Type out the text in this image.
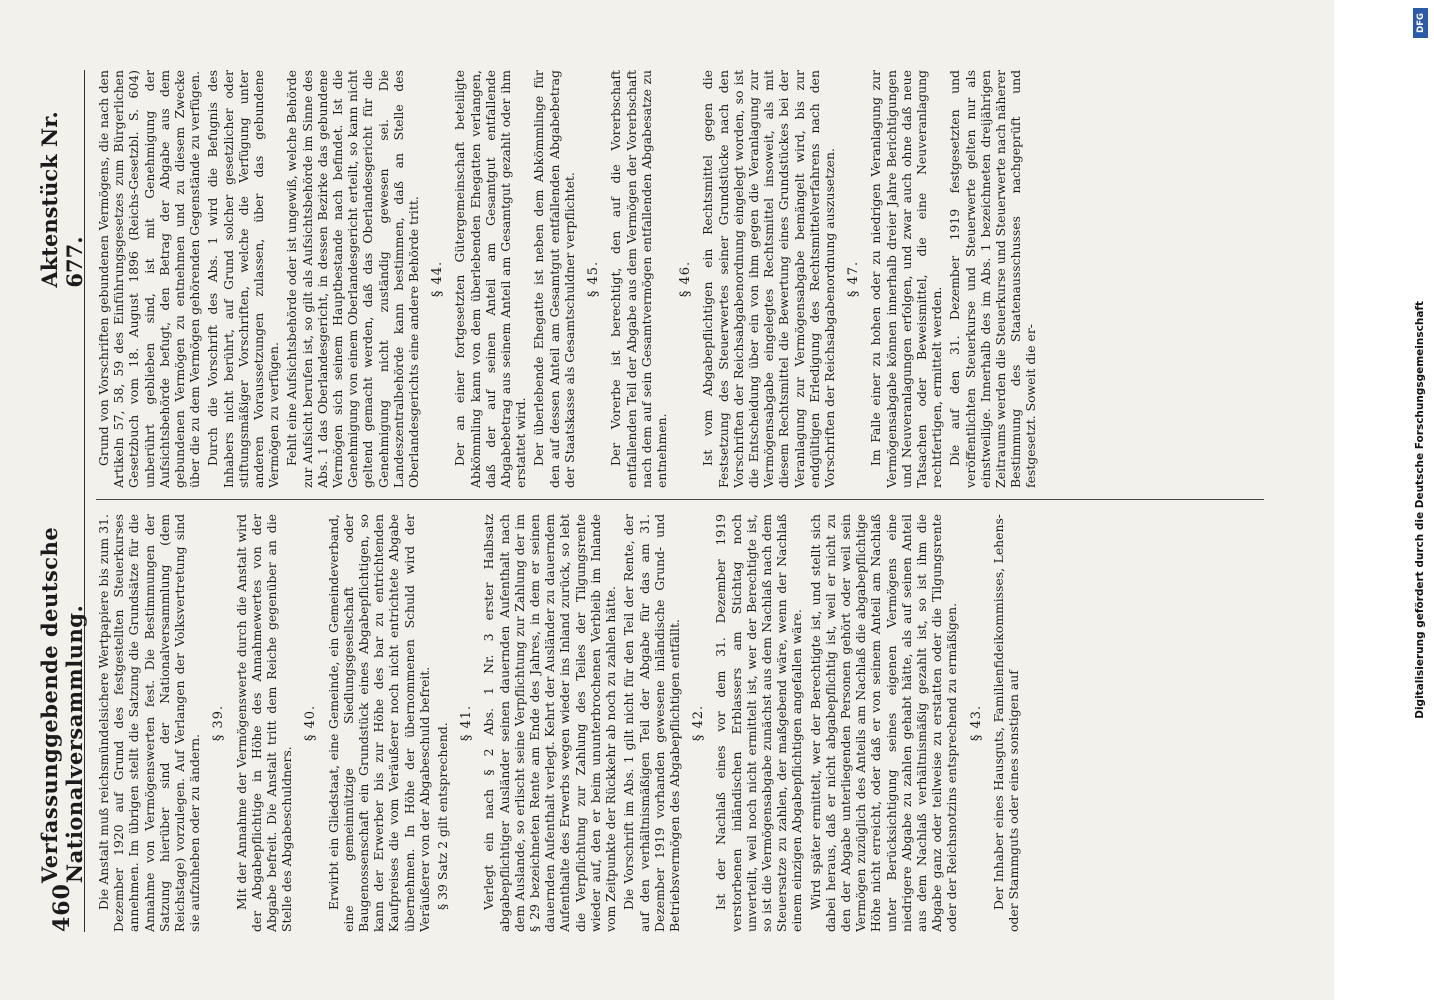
460
Verfassunggebende deutsche Nationalversammlung.
Aktenstück Nr. 677.

Die Anstalt muß reichsmündelsichere Wertpapiere bis zum 31. Dezember 1920 auf Grund des festgestellten Steuerkurses annehmen. Im übrigen stellt die Satzung die Grundsätze für die Annahme von Vermögenswerten fest. Die Bestimmungen der Satzung hierüber sind der Nationalversammlung (dem Reichstage) vorzulegen. Auf Verlangen der Volksvertretung sind sie aufzuheben oder zu ändern.

§ 39. Mit der Annahme der Vermögenswerte durch die Anstalt wird der Abgabepflichtige in Höhe des Annahmewertes von der Abgabe befreit. Die Anstalt tritt dem Reiche gegenüber an die Stelle des Abgabeschuldners.

§ 40. Erwirbt ein Gliedstaat, eine Gemeinde, ein Gemeindeverband, eine gemeinnützige Siedlungsgesellschaft oder Baugenossenschaft ein Grundstück eines Abgabepflichtigen, so kann der Erwerber bis zur Höhe des bar zu entrichtenden Kaufpreises die vom Veräußerer noch nicht entrichtete Abgabe übernehmen. In Höhe der übernommenen Schuld wird der Veräußerer von der Abgabeschuld befreit. § 39 Satz 2 gilt entsprechend. § 41. Verlegt ein nach § 2 Abs. 1 Nr. 3 erster Halbsatz abgabepflichtiger Ausländer seinen dauernden Aufenthalt nach dem Auslande, so erlischt seine Verpflichtung zur Zahlung der im § 29 bezeichneten Rente am Ende des Jahres, in dem er seinen dauernden Aufenthalt verlegt. Kehrt der Ausländer zu dauerndem Aufenthalte des Erwerbs wegen wieder ins Inland zurück, so lebt die Verpflichtung zur Zahlung des Teiles der Tilgungsrente wieder auf, den er beim ununterbrochenen Verbleib im Inlande vom Zeitpunkte der Rückkehr ab noch zu zahlen hätte. Die Vorschrift im Abs. 1 gilt nicht für den Teil der Rente, der auf den verhältnismäßigen Teil der Abgabe für das am 31. Dezember 1919 vorhanden gewesene inländische Grund- und Betriebsvermögen des Abgabepflichtigen entfällt. § 42. Ist der Nachlaß eines vor dem 31. Dezember 1919 verstorbenen inländischen Erblassers am Stichtag noch unverteilt, weil noch nicht ermittelt ist, wer der Berechtigte ist, so ist die Vermögensabgabe zunächst aus dem Nachlaß nach dem Steuersatze zu zahlen, der maßgebend wäre, wenn der Nachlaß einem einzigen Abgabepflichtigen angefallen wäre. Wird später ermittelt, wer der Berechtigte ist, und stellt sich dabei heraus, daß er nicht abgabepflichtig ist, weil er nicht zu den der Abgabe unterliegenden Personen gehört oder weil sein Vermögen zuzüglich des Anteils am Nachlaß die abgabepflichtige Höhe nicht erreicht, oder daß er von seinem Anteil am Nachlaß unter Berücksichtigung seines eigenen Vermögens eine niedrigere Abgabe zu zahlen gehabt hätte, als auf seinen Anteil aus dem Nachlaß verhältnismäßig gezahlt ist, so ist ihm die Abgabe ganz oder teilweise zu erstatten oder die Tilgungsrente oder der Reichsnotzins entsprechend zu ermäßigen. § 43. Der Inhaber eines Hausguts, Familienfideikommisses, Lehens- oder Stammguts oder eines sonstigen auf

Grund von Vorschriften gebundenen Vermögens, die nach den Artikeln 57, 58, 59 des Einführungsgesetzes zum Bürgerlichen Gesetzbuch vom 18. August 1896 (Reichs-Gesetzbl. S. 604) unberührt geblieben sind, ist mit Genehmigung der Aufsichtsbehörde befugt, den Betrag der Abgabe aus dem gebundenen Vermögen zu entnehmen und zu diesem Zwecke über die zu dem Vermögen gehörenden Gegenstände zu verfügen. Durch die Vorschrift des Abs. 1 wird die Befugnis des Inhabers nicht berührt, auf Grund solcher gesetzlicher oder stiftungsmäßiger Vorschriften, welche die Verfügung unter anderen Voraussetzungen zulassen, über das gebundene Vermögen zu verfügen. Fehlt eine Aufsichtsbehörde oder ist ungewiß, welche Behörde zur Aufsicht berufen ist, so gilt als Aufsichtsbehörde im Sinne des Abs. 1 das Oberlandesgericht, in dessen Bezirke das gebundene Vermögen sich seinem Hauptbestande nach befindet. Ist die Genehmigung von einem Oberlandesgericht erteilt, so kann nicht geltend gemacht werden, daß das Oberlandesgericht für die Genehmigung nicht zuständig gewesen sei. Die Landeszentralbehörde kann bestimmen, daß an Stelle des Oberlandesgerichts eine andere Behörde tritt. § 44. Der an einer fortgesetzten Gütergemeinschaft beteiligte Abkömmling kann von dem überlebenden Ehegatten verlangen, daß der auf seinen Anteil am Gesamtgut entfallende Abgabebetrag aus seinem Anteil am Gesamtgut gezahlt oder ihm erstattet wird. Der überlebende Ehegatte ist neben dem Abkömmlinge für den auf dessen Anteil am Gesamtgut entfallenden Abgabebetrag der Staatskasse als Gesamtschuldner verpflichtet. § 45. Der Vorerbe ist berechtigt, den auf die Vorerbschaft entfallenden Teil der Abgabe aus dem Vermögen der Vorerbschaft nach dem auf sein Gesamtvermögen entfallenden Abgabesatze zu entnehmen.

§ 46. Ist vom Abgabepflichtigen ein Rechtsmittel gegen die Festsetzung des Steuerwertes seiner Grundstücke nach den Vorschriften der Reichsabgabenordnung eingelegt worden, so ist die Entscheidung über ein von ihm gegen die Veranlagung zur Vermögensabgabe eingelegtes Rechtsmittel insoweit, als mit diesem Rechtsmittel die Bewertung eines Grundstückes bei der Veranlagung zur Vermögensabgabe bemängelt wird, bis zur endgültigen Erledigung des Rechtsmittelverfahrens nach den Vorschriften der Reichsabgabenordnung auszusetzen. § 47. Im Falle einer zu hohen oder zu niedrigen Veranlagung zur Vermögensabgabe können innerhalb dreier Jahre Berichtigungen und Neuveranlagungen erfolgen, und zwar auch ohne daß neue Tatsachen oder Beweismittel, die eine Neuveranlagung rechtfertigen, ermittelt werden. Die auf den 31. Dezember 1919 festgesetzten und veröffentlichten Steuerkurse und Steuerwerte gelten nur als einstweilige. Innerhalb des im Abs. 1 bezeichneten dreijährigen Zeitraums werden die Steuerkurse und Steuerwerte nach näherer Bestimmung des Staatenausschusses nachgeprüft und festgesetzt. Soweit die er-	Digitalisierung gefördert durch die Deutsche Forschungsgemeinschaft
DFG
